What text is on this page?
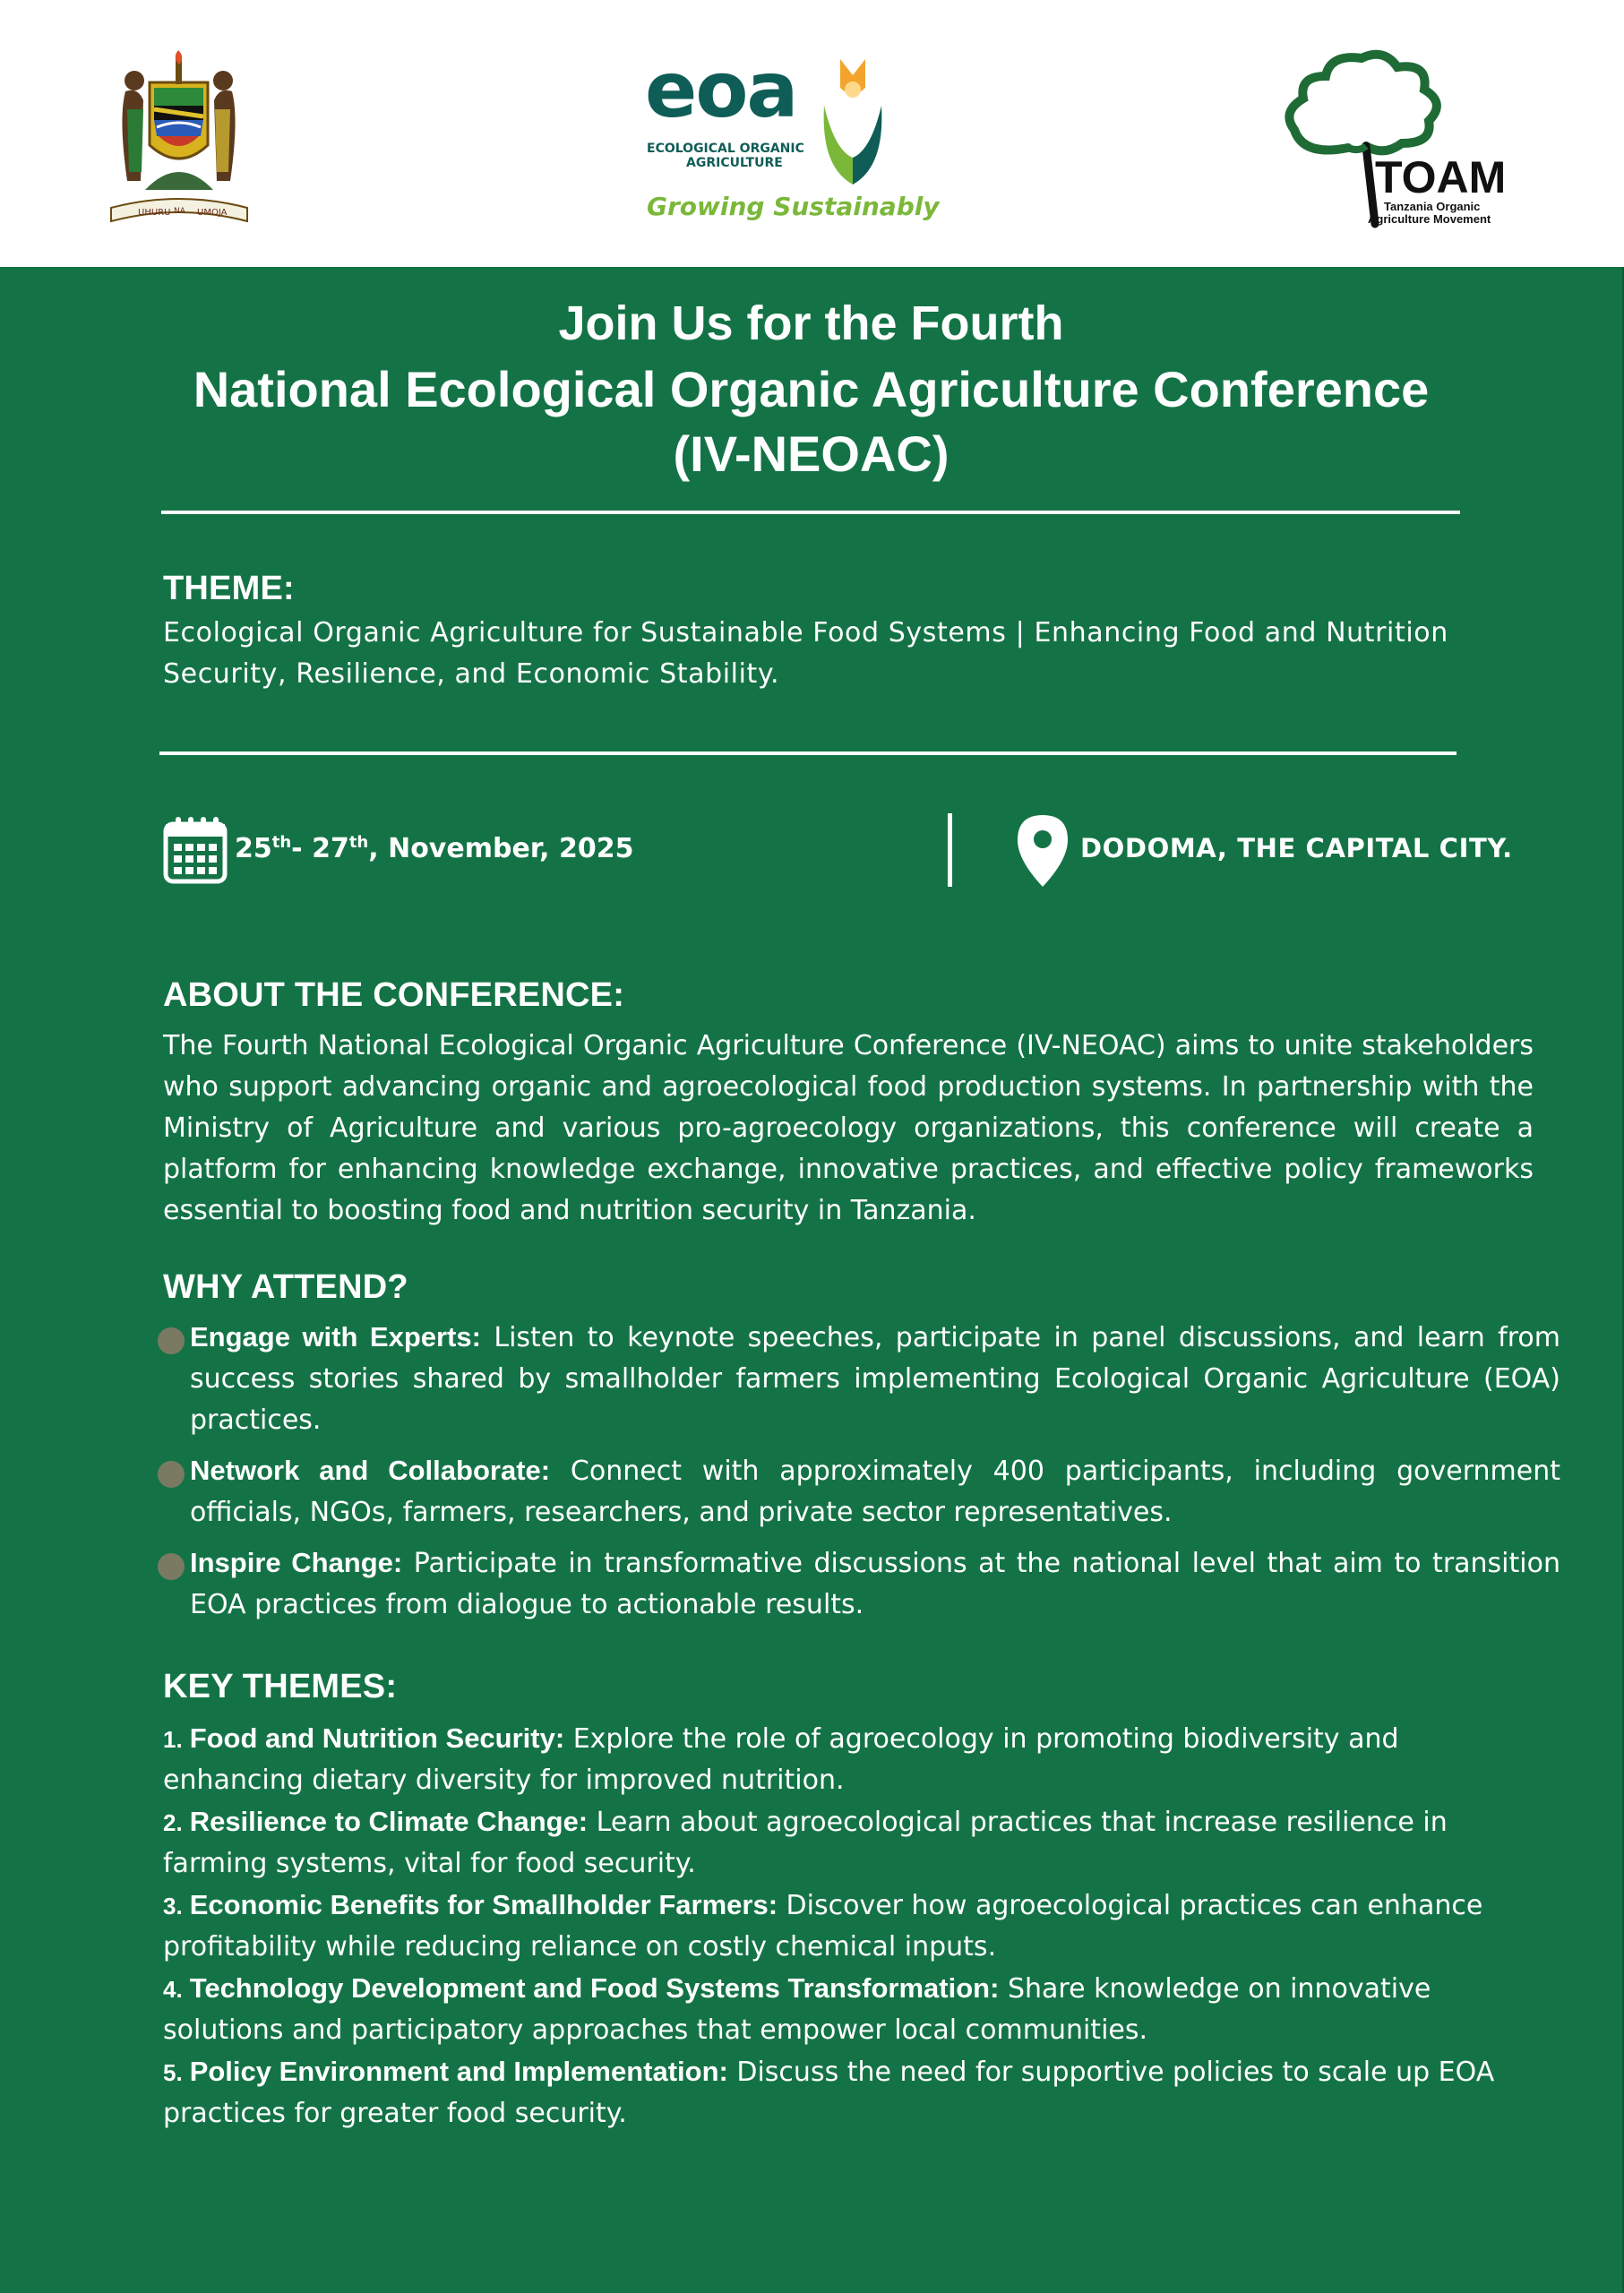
UHURU NA UMOJA
eoa
ECOLOGICAL ORGANIC
AGRICULTURE
Growing Sustainably
TOAM
Tanzania Organic
Agriculture Movement
Join Us for the Fourth
National Ecological Organic Agriculture Conference
(IV-NEOAC)
THEME:
Ecological Organic Agriculture for Sustainable Food Systems | Enhancing Food and Nutrition Security, Resilience, and Economic Stability.
25th- 27th, November, 2025	DODOMA, THE CAPITAL CITY.
ABOUT THE CONFERENCE:
The Fourth National Ecological Organic Agriculture Conference (IV-NEOAC) aims to unite stakeholders who support advancing organic and agroecological food production systems. In partnership with the Ministry of Agriculture and various pro-agroecology organizations, this conference will create a platform for enhancing knowledge exchange, innovative practices, and effective policy frameworks essential to boosting food and nutrition security in Tanzania.
WHY ATTEND?
Engage with Experts: Listen to keynote speeches, participate in panel discussions, and learn from success stories shared by smallholder farmers implementing Ecological Organic Agriculture (EOA) practices.
Network and Collaborate: Connect with approximately 400 participants, including government officials, NGOs, farmers, researchers, and private sector representatives.
Inspire Change: Participate in transformative discussions at the national level that aim to transition EOA practices from dialogue to actionable results.
KEY THEMES:
1. Food and Nutrition Security: Explore the role of agroecology in promoting biodiversity and enhancing dietary diversity for improved nutrition.
2. Resilience to Climate Change: Learn about agroecological practices that increase resilience in farming systems, vital for food security.
3. Economic Benefits for Smallholder Farmers: Discover how agroecological practices can enhance profitability while reducing reliance on costly chemical inputs.
4. Technology Development and Food Systems Transformation: Share knowledge on innovative solutions and participatory approaches that empower local communities.
5. Policy Environment and Implementation: Discuss the need for supportive policies to scale up EOA practices for greater food security.
